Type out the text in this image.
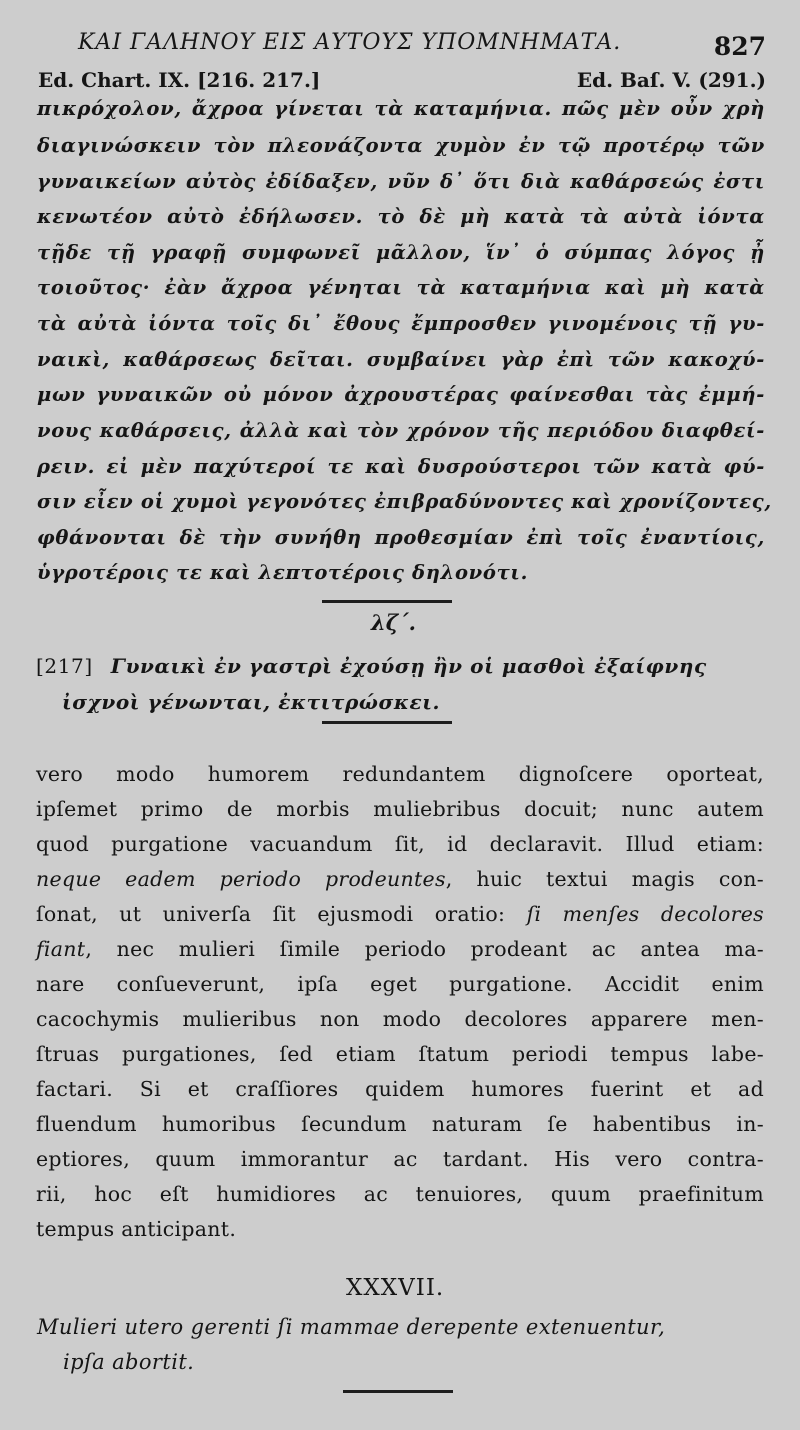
ΚΑΙ ΓΑΛΗΝΟΥ ΕΙΣ ΑΥΤΟΥΣ ΥΠΟΜΝΗΜΑΤΑ.	827
Ed. Chart. IX. [216. 217.]	Ed. Baſ. V. (291.)
πικρόχολον, ἄχροα γίνεται τὰ καταμήνια. πῶς μὲν οὖν χρὴ
διαγινώσκειν τὸν πλεονάζοντα χυμὸν ἐν τῷ προτέρῳ τῶν
γυναικείων αὐτὸς ἐδίδαξεν, νῦν δ᾽ ὅτι διὰ καθάρσεώς ἐστι
κενωτέον αὐτὸ ἐδήλωσεν. τὸ δὲ μὴ κατὰ τὰ αὐτὰ ἰόντα
τῇδε τῇ γραφῇ συμφωνεῖ μᾶλλον, ἵν᾽ ὁ σύμπας λόγος ᾖ
τοιοῦτος· ἐὰν ἄχροα γένηται τὰ καταμήνια καὶ μὴ κατὰ
τὰ αὐτὰ ἰόντα τοῖς δι᾽ ἔθους ἔμπροσθεν γινομένοις τῇ γυ-
ναικὶ, καθάρσεως δεῖται. συμβαίνει γὰρ ἐπὶ τῶν κακοχύ-
μων γυναικῶν οὐ μόνον ἀχρουστέρας φαίνεσθαι τὰς ἐμμή-
νους καθάρσεις, ἀλλὰ καὶ τὸν χρόνον τῆς περιόδου διαφθεί-
ρειν. εἰ μὲν παχύτεροί τε καὶ δυσρούστεροι τῶν κατὰ φύ-
σιν εἶεν οἱ χυμοὶ γεγονότες ἐπιβραδύνοντες καὶ χρονίζοντες,
φθάνονται δὲ τὴν συνήθη προθεσμίαν ἐπὶ τοῖς ἐναντίοις,
ὑγροτέροις τε καὶ λεπτοτέροις δηλονότι.
λζ΄.
[217] Γυναικὶ ἐν γαστρὶ ἐχούσῃ ἢν οἱ μασθοὶ ἐξαίφνης
ἰσχνοὶ γένωνται, ἐκτιτρώσκει.
vero modo humorem redundantem dignoſcere oporteat,
ipſemet primo de morbis muliebribus docuit; nunc autem
quod purgatione vacuandum ſit, id declaravit. Illud etiam:
neque eadem periodo prodeuntes, huic textui magis con-
ſonat, ut univerſa ſit ejusmodi oratio: ſi menſes decolores
fiant, nec mulieri ſimile periodo prodeant ac antea ma-
nare conſueverunt, ipſa eget purgatione. Accidit enim
cacochymis mulieribus non modo decolores apparere men-
ſtruas purgationes, ſed etiam ſtatum periodi tempus labe-
factari. Si et craſſiores quidem humores fuerint et ad
fluendum humoribus ſecundum naturam ſe habentibus in-
eptiores, quum immorantur ac tardant. His vero contra-
rii, hoc eſt humidiores ac tenuiores, quum praefinitum
tempus anticipant.
XXXVII.
Mulieri utero gerenti ſi mammae derepente extenuentur,
ipſa abortit.
